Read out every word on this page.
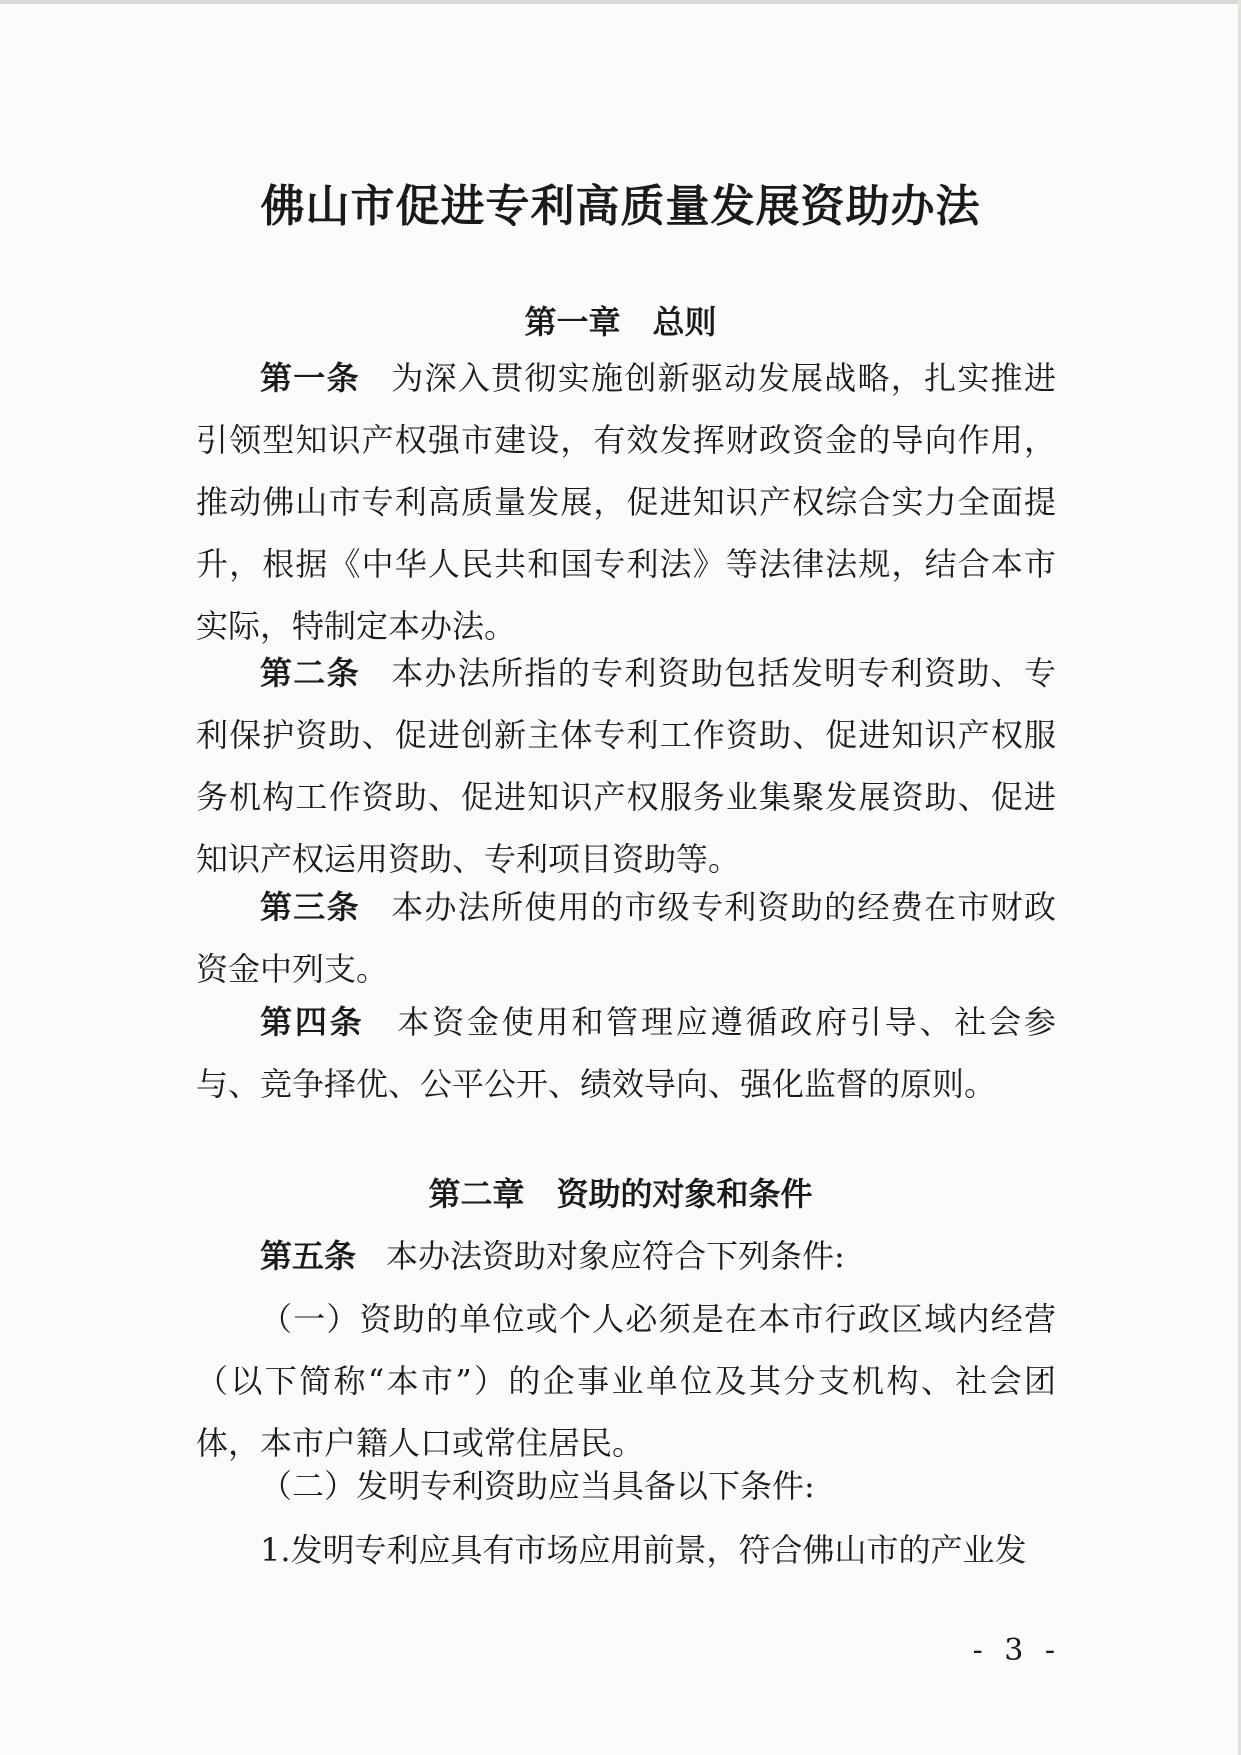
佛山市促进专利高质量发展资助办法
第一章 总则
第一条 为深入贯彻实施创新驱动发展战略，扎实推进引领型知识产权强市建设，有效发挥财政资金的导向作用，推动佛山市专利高质量发展，促进知识产权综合实力全面提升，根据《中华人民共和国专利法》等法律法规，结合本市实际，特制定本办法。
第二条 本办法所指的专利资助包括发明专利资助、专利保护资助、促进创新主体专利工作资助、促进知识产权服务机构工作资助、促进知识产权服务业集聚发展资助、促进知识产权运用资助、专利项目资助等。
第三条 本办法所使用的市级专利资助的经费在市财政资金中列支。
第四条 本资金使用和管理应遵循政府引导、社会参与、竞争择优、公平公开、绩效导向、强化监督的原则。
第二章 资助的对象和条件
第五条 本办法资助对象应符合下列条件:
（一）资助的单位或个人必须是在本市行政区域内经营（以下简称“本市”）的企事业单位及其分支机构、社会团体，本市户籍人口或常住居民。
（二）发明专利资助应当具备以下条件:
1.发明专利应具有市场应用前景，符合佛山市的产业发
- 3 -
